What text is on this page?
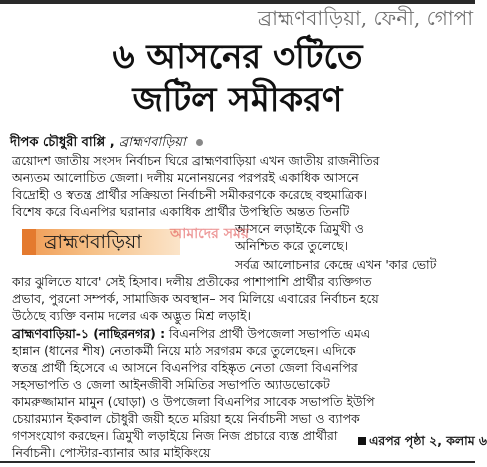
ব্রাহ্মণবাড়িয়া, ফেনী, গোপা
৬ আসনের ৩টিতে
জটিল সমীকরণ
দীপক চৌধুরী বাপ্পি , ব্রাহ্মণবাড়িয়া
ত্রয়োদশ জাতীয় সংসদ নির্বাচন ঘিরে ব্রাহ্মণবাড়িয়া এখন জাতীয় রাজনীতির
অন্যতম আলোচিত জেলা। দলীয় মনোনয়নের পরপরই একাধিক আসনে
বিদ্রোহী ও স্বতন্ত্র প্রার্থীর সক্রিয়তা নির্বাচনী সমীকরণকে করেছে বহুমাত্রিক।
বিশেষ করে বিএনপির ঘরানার একাধিক প্রার্থীর উপস্থিতি অন্তত তিনটি
ব্রাহ্মণবাড়িয়া
আসনে লড়াইকে ত্রিমুখী ও
অনিশ্চিত করে তুলেছে।
আমাদের সময়
সর্বত্র আলোচনার কেন্দ্রে এখন 'কার ভোট
কার ঝুলিতে যাবে' সেই হিসাব। দলীয় প্রতীকের পাশাপাশি প্রার্থীর ব্যক্তিগত
প্রভাব, পুরনো সম্পর্ক, সামাজিক অবস্থান– সব মিলিয়ে এবারের নির্বাচন হয়ে
উঠেছে ব্যক্তি বনাম দলের এক অদ্ভুত মিশ্র লড়াই।
ব্রাহ্মণবাড়িয়া-১ (নাছিরনগর) : বিএনপির প্রার্থী উপজেলা সভাপতি এমএ
হান্নান (ধানের শীষ) নেতাকর্মী নিয়ে মাঠ সরগরম করে তুলেছেন। এদিকে
স্বতন্ত্র প্রার্থী হিসেবে এ আসনে বিএনপির বহিষ্কৃত নেতা জেলা বিএনপির
সহসভাপতি ও জেলা আইনজীবী সমিতির সভাপতি অ্যাডভোকেট
কামরুজ্জামান মামুন (ঘোড়া) ও উপজেলা বিএনপির সাবেক সভাপতি ইউপি
চেয়ারম্যান ইকবাল চৌধুরী জয়ী হতে মরিয়া হয়ে নির্বাচনী সভা ও ব্যাপক
গণসংযোগ করছেন। ত্রিমুখী লড়াইয়ে নিজ নিজ প্রচারে ব্যস্ত প্রার্থীরা
নির্বাচনী। পোস্টার-ব্যানার আর মাইকিংয়ে
এরপর পৃষ্ঠা ২, কলাম ৬
